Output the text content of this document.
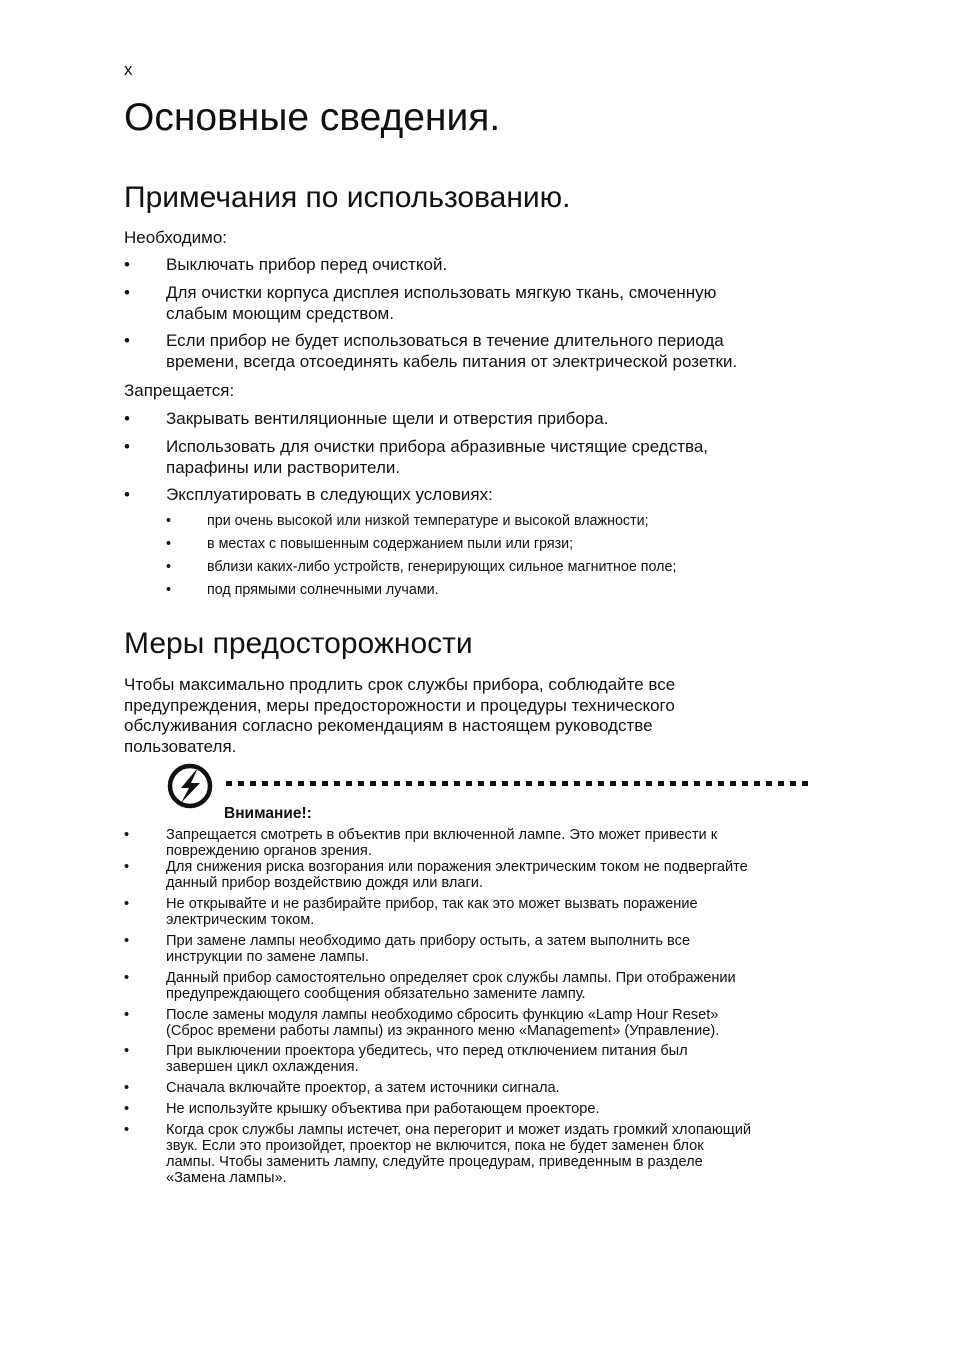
x
Основные сведения.
Примечания по использованию.
Необходимо:
• Выключать прибор перед очисткой.
• Для очистки корпуса дисплея использовать мягкую ткань, смоченную
слабым моющим средством.
• Если прибор не будет использоваться в течение длительного периода
времени, всегда отсоединять кабель питания от электрической розетки.
Запрещается:
• Закрывать вентиляционные щели и отверстия прибора.
• Использовать для очистки прибора абразивные чистящие средства,
парафины или растворители.
• Эксплуатировать в следующих условиях:
•	при очень высокой или низкой температуре и высокой влажности;
•	в местах с повышенным содержанием пыли или грязи;
•	вблизи каких-либо устройств, генерирующих сильное магнитное поле;
•	под прямыми солнечными лучами.
Меры предосторожности
Чтобы максимально продлить срок службы прибора, соблюдайте все
предупреждения, меры предосторожности и процедуры технического
обслуживания согласно рекомендациям в настоящем руководстве
пользователя.
Внимание!:
•	Запрещается смотреть в объектив при включенной лампе. Это может привести к
повреждению органов зрения.
•	Для снижения риска возгорания или поражения электрическим током не подвергайте
данный прибор воздействию дождя или влаги.
•	Не открывайте и не разбирайте прибор, так как это может вызвать поражение
электрическим током.
•	При замене лампы необходимо дать прибору остыть, а затем выполнить все
инструкции по замене лампы.
•	Данный прибор самостоятельно определяет срок службы лампы. При отображении
предупреждающего сообщения обязательно замените лампу.
•	После замены модуля лампы необходимо сбросить функцию «Lamp Hour Reset»
(Сброс времени работы лампы) из экранного меню «Management» (Управление).
•	При выключении проектора убедитесь, что перед отключением питания был
завершен цикл охлаждения.
•	Сначала включайте проектор, а затем источники сигнала.
•	Не используйте крышку объектива при работающем проекторе.
•	Когда срок службы лампы истечет, она перегорит и может издать громкий хлопающий
звук. Если это произойдет, проектор не включится, пока не будет заменен блок
лампы. Чтобы заменить лампу, следуйте процедурам, приведенным в разделе
«Замена лампы».
